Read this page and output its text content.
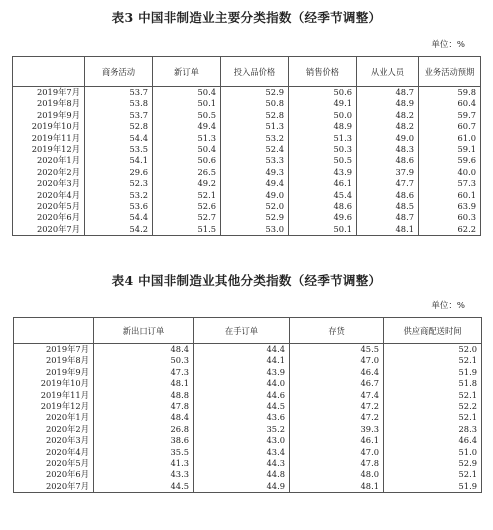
表3 中国非制造业主要分类指数（经季节调整）
单位：%
	商务活动	新订单	投入品价格	销售价格	从业人员	业务活动预期
2019年7月	53.7	50.4	52.9	50.6	48.7	59.8
2019年8月	53.8	50.1	50.8	49.1	48.9	60.4
2019年9月	53.7	50.5	52.8	50.0	48.2	59.7
2019年10月	52.8	49.4	51.3	48.9	48.2	60.7
2019年11月	54.4	51.3	53.2	51.3	49.0	61.0
2019年12月	53.5	50.4	52.4	50.3	48.3	59.1
2020年1月	54.1	50.6	53.3	50.5	48.6	59.6
2020年2月	29.6	26.5	49.3	43.9	37.9	40.0
2020年3月	52.3	49.2	49.4	46.1	47.7	57.3
2020年4月	53.2	52.1	49.0	45.4	48.6	60.1
2020年5月	53.6	52.6	52.0	48.6	48.5	63.9
2020年6月	54.4	52.7	52.9	49.6	48.7	60.3
2020年7月	54.2	51.5	53.0	50.1	48.1	62.2
表4 中国非制造业其他分类指数（经季节调整）
单位：%
	新出口订单	在手订单	存货	供应商配送时间
2019年7月	48.4	44.4	45.5	52.0
2019年8月	50.3	44.1	47.0	52.1
2019年9月	47.3	43.9	46.4	51.9
2019年10月	48.1	44.0	46.7	51.8
2019年11月	48.8	44.6	47.4	52.1
2019年12月	47.8	44.5	47.2	52.2
2020年1月	48.4	43.6	47.2	52.1
2020年2月	26.8	35.2	39.3	28.3
2020年3月	38.6	43.0	46.1	46.4
2020年4月	35.5	43.4	47.0	51.0
2020年5月	41.3	44.3	47.8	52.9
2020年6月	43.3	44.8	48.0	52.1
2020年7月	44.5	44.9	48.1	51.9
